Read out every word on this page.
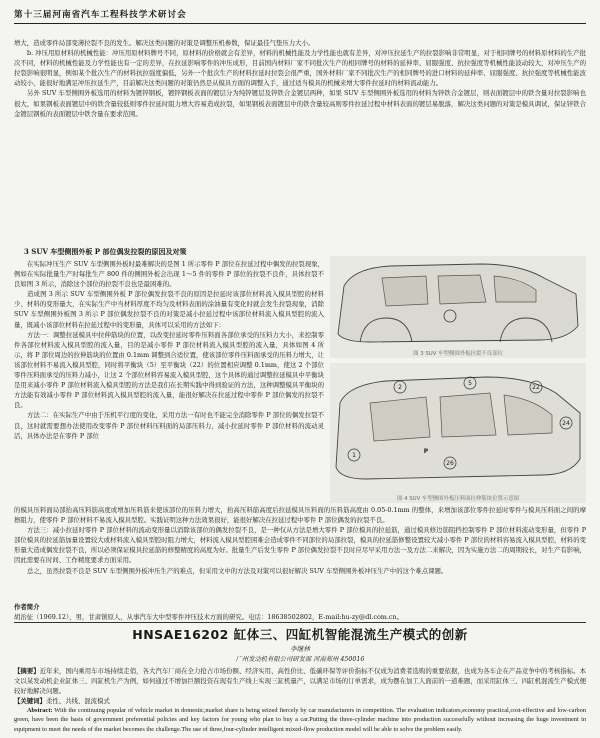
第十三届河南省汽车工程科技学术研讨会

增大，造成零件局部变薄拉裂不良的发生。解决这类问题的对策是调整压机参数，保证最佳气垫压力大小。

b. 冲压用原材料的机械性能：冲压用原材料牌号不同，原材料的价格就会有差异，材料的机械性能及力学性能也就有差异，对冲压拉延生产的拉裂影响非常明显，对于相同牌号的材料原材料的生产批次不同，材料的机械性能及力学性能也有一定的差异，在拉延影响零件的冲压成形，目前国内材料厂家不同批次生产的相同牌号的材料的延伸率、屈服强度、抗拉强度等机械性能波动较大，对冲压生产的拉裂影响很明显，例如某个批次生产的材料抗拉强度偏低，另外一个批次生产的材料拉延时拉裂会很严重，国外材料厂家不同批次生产的相同牌号的进口材料的延伸率、屈服强度、抗拉强度等机械性能波动较小，能很好地满足冲压拉延生产，目前解决这类问题的对策仍然是从模具方面的调整入手，通过适当模具的机械来增大零件拉延时的材料流动能力。

另外 SUV 车型侧围外板选用的材料为镀锌钢板，镀锌钢板表面的镀层分为纯锌镀层及锌铁合金镀层两种，如果 SUV 车型侧围外板选用的材料为锌铁合金镀层，则表面镀层中的铁含量对拉裂影响也很大，如果钢板表面镀层中的铁含量较低则零件拉延时阻力增大容易造成拉裂，如果钢板表面镀层中的铁含量较高则零件拉延过程中材料表面的镀层易脱落，解决这类问题的对策是模具调试，保证锌铁合金镀层钢板的表面镀层中铁含量在要求范围。

3 SUV 车型侧围外板 P 部位偶发拉裂的原因及对策

在实际冲压生产 SUV 车型侧围外板时最难解决的是图 1 所示零件 P 部位在拉延过程中偶发的拉裂现象，例如在实际批量生产时每批生产 800 件的侧围外板会出现 1～5 件的零件 P 部位的拉裂不良件，具体拉裂不良如图 3 所示，消除这个部位的拉裂不良也是最困难的。

造成图 3 所示 SUV 车型侧围外板 P 部位偶发拉裂不良的原因是拉延时该部位材料流入模具型腔的材料少、材料的变形量大，在实际生产中当材料厚度不均匀及材料表面的涂油量有变化时就会发生拉裂现象，消除 SUV 车型侧围外板图 3 所示 P 部位偶发拉裂不良的对策是减小拉延过程中该部位材料流入模具型腔的流入量，既减小该部位材料在拉延过程中的变形量，具体可以采用的方法如下：

方法一：调整拉延模具中拉伸筋块的位置，以改变拉延时零件压料面各部位承受的压料力大小，来控制零件各部位材料流入模具型腔的流入量，目的是减小零件 P 部位材料流入模具型腔的流入量，具体如图 4 所示，将 P 部位周边的拉伸筋块的位置由 0.1mm 调整到合适位置，使该部位零件压料面承受的压料力增大，让该部位材料不易流入模具型腔，同时将平衡块（5）至平衡块（22）的位置相应调整 0.1mm，使这 2 个部位零件压料面承受的压料力减小，让这 2 个部位材料容易流入模具型腔，这个具体的通过调整拉延模具中平衡块是用来减小零件 P 部位材料流入模具型腔的方法是我们在长期实践中得到验证的方法，这种调整模具平衡块的方法能有效减小零件 P 部位材料流入模具型腔的流入量，能很好解决在拉延过程中零件 P 部位偶发的拉裂不良。

方法二：在实际生产中由于压机平行度的变化，采用方法一有时也不能完全消除零件 P 部位的偶发拉裂不良，这时就需要想办法使用改变零件 P 部位材料压料面的局部压料力，减小拉延时零件 P 部位材料的流动灵活，具体办法是在零件 P 部位

图 3 SUV 车型侧围外板拉裂不良部位
1
2
5
22
24
26
P
图 4 SUV 车型侧围外板压料面拉伸筋块位置示意图

的模具压料面局部抬高压料筋高度或增加压料筋来使该部位的压料力增大，抬高压料筋高度后拉延模具压料面的压料筋高度由 0.05-0.1mm 的整体，来增加该部位零件拉延时零件与模具压料面之间的摩擦阻力，使零件 P 部位材料不易流入模具型腔。实践证明这种方法效果很好，能很好解决在拉延过程中零件 P 部位偶发的拉裂不良。

方法三：减小拉延时零件 P 部位材料的流动变形量以消除该部位的偶发拉裂不良，是一种仅从方法是增大零件 P 部位模具的拉延筋，通过模具修边筋阻挡控制零件 P 部位材料流动变形量，但零件 P 部位模具的拉延筋加量设置较大或材料流入模具型腔时阻力增大，材料流入模具型腔困难会造成零件不同部位的局部拉裂，模具的拉延筋修整设置较大减小零件 P 部位的材料容易流入模具型腔，材料的变形量大造成偶发拉裂不良，所以必须保证模具拉延筋的修整精度的高度为好。批量生产后发生零件 P 部位偶发拉裂不良时应尽早采用方法一及方法二来解决，因为实施方法二的周期较长，对生产有影响，因此需要在时间、工作精度要求方面采用。

总之，虽然拉裂不良是 SUV 车型侧围外板冲压生产的难点，但采用文中的方法及对策可以很好解决 SUV 车型侧围外板冲压生产中的这个难点课题。

作者简介
胡治征（1969.12），男，甘肃镇原人，从事汽车大中型零件冲压技术方面的研究。电话：18638502802，E-mail:hu-zy@dl.com.cn。
HNSAE16202 缸体三、四缸机智能混流生产模式的创新
李继林
广州发动机有限公司研发部 河南郑州 450016

【摘要】近年来，国内乘用车市场持续走俏，各大汽车厂商在全力抢占市场份额、经济实用、高性价比、低碳环保等评价指标不仅成为消费者选购的重要依据，也成为各车企在产品竞争中的考核指标。本文以某发动机企业缸体三、四缸机生产为例，如何通过不增加巨额投资在现有生产线上实现三缸机量产，以满足市场的订单需求，成为摆在加工人面前的一道难题，而采用缸体三、四缸机混流生产模式便较好地解决问题。

【关键词】柔性、共线、混流模式

Abstract: With the continuing popular of vehicle market in domestic,market share is being seized fiercely by car manufacturers in competition. The evaluation indicators,economy practical,cost-effective and low-carbon green, have been the basis of government preferential policies and key factors for young who plan to buy a car.Putting the three-cylinder machine into production successfully without increasing the huge investment in equipment to meet the needs of the market becomes the challenge.The use of three,four-cylinder intelligent mixed-flow production model will be able to solve the problem easily.
